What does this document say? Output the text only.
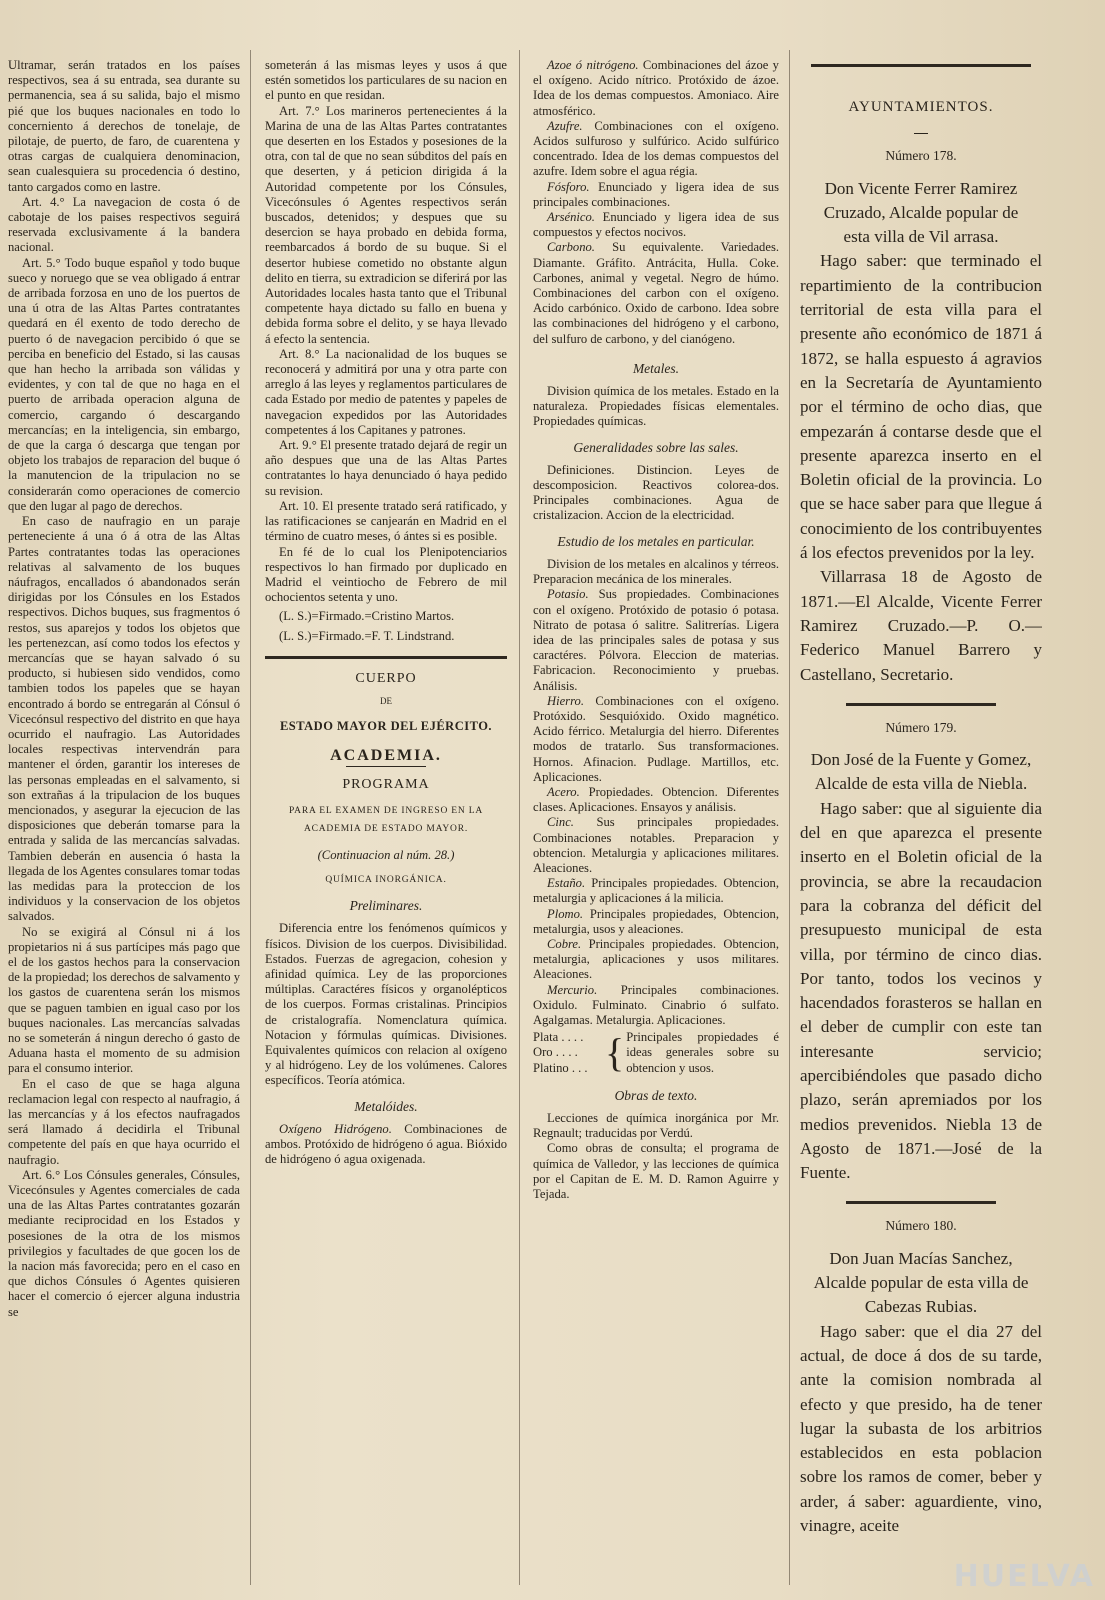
Ultramar, serán tratados en los países respectivos, sea á su entrada, sea durante su permanencia, sea á su salida, bajo el mismo pié que los buques nacionales en todo lo concerniento á derechos de tonelaje, de pilotaje, de puerto, de faro, de cuarentena y otras cargas de cualquiera denominacion, sean cualesquiera su procedencia ó destino, tanto cargados como en lastre.

Art. 4.° La navegacion de costa ó de cabotaje de los paises respectivos seguirá reservada exclusivamente á la bandera nacional.

Art. 5.° Todo buque español y todo buque sueco y noruego que se vea obligado á entrar de arribada forzosa en uno de los puertos de una ú otra de las Altas Partes contratantes quedará en él exento de todo derecho de puerto ó de navegacion percibido ó que se perciba en beneficio del Estado, si las causas que han hecho la arribada son válidas y evidentes, y con tal de que no haga en el puerto de arribada operacion alguna de comercio, cargando ó descargando mercancías; en la inteligencia, sin embargo, de que la carga ó descarga que tengan por objeto los trabajos de reparacion del buque ó la manutencion de la tripulacion no se considerarán como operaciones de comercio que den lugar al pago de derechos.

En caso de naufragio en un paraje perteneciente á una ó á otra de las Altas Partes contratantes todas las operaciones relativas al salvamento de los buques náufragos, encallados ó abandonados serán dirigidas por los Cónsules en los Estados respectivos. Dichos buques, sus fragmentos ó restos, sus aparejos y todos los objetos que les pertenezcan, así como todos los efectos y mercancías que se hayan salvado ó su producto, si hubiesen sido vendidos, como tambien todos los papeles que se hayan encontrado á bordo se entregarán al Cónsul ó Vicecónsul respectivo del distrito en que haya ocurrido el naufragio. Las Autoridades locales respectivas intervendrán para mantener el órden, garantir los intereses de las personas empleadas en el salvamento, si son extrañas á la tripulacion de los buques mencionados, y asegurar la ejecucion de las disposiciones que deberán tomarse para la entrada y salida de las mercancías salvadas. Tambien deberán en ausencia ó hasta la llegada de los Agentes consulares tomar todas las medidas para la proteccion de los individuos y la conservacion de los objetos salvados.

No se exigirá al Cónsul ni á los propietarios ni á sus partícipes más pago que el de los gastos hechos para la conservacion de la propiedad; los derechos de salvamento y los gastos de cuarentena serán los mismos que se paguen tambien en igual caso por los buques nacionales. Las mercancías salvadas no se someterán á ningun derecho ó gasto de Aduana hasta el momento de su admision para el consumo interior.

En el caso de que se haga alguna reclamacion legal con respecto al naufragio, á las mercancías y á los efectos naufragados será llamado á decidirla el Tribunal competente del país en que haya ocurrido el naufragio.

Art. 6.° Los Cónsules generales, Cónsules, Vicecónsules y Agentes comerciales de cada una de las Altas Partes contratantes gozarán mediante reciprocidad en los Estados y posesiones de la otra de los mismos privilegios y facultades de que gocen los de la nacion más favorecida; pero en el caso en que dichos Cónsules ó Agentes quisieren hacer el comercio ó ejercer alguna industria se

someterán á las mismas leyes y usos á que estén sometidos los particulares de su nacion en el punto en que residan.

Art. 7.° Los marineros pertenecientes á la Marina de una de las Altas Partes contratantes que deserten en los Estados y posesiones de la otra, con tal de que no sean súbditos del país en que deserten, y á peticion dirigida á la Autoridad competente por los Cónsules, Vicecónsules ó Agentes respectivos serán buscados, detenidos; y despues que su desercion se haya probado en debida forma, reembarcados á bordo de su buque. Si el desertor hubiese cometido no obstante algun delito en tierra, su extradicion se diferirá por las Autoridades locales hasta tanto que el Tribunal competente haya dictado su fallo en buena y debida forma sobre el delito, y se haya llevado á efecto la sentencia.

Art. 8.° La nacionalidad de los buques se reconocerá y admitirá por una y otra parte con arreglo á las leyes y reglamentos particulares de cada Estado por medio de patentes y papeles de navegacion expedidos por las Autoridades competentes á los Capitanes y patrones.

Art. 9.° El presente tratado dejará de regir un año despues que una de las Altas Partes contratantes lo haya denunciado ó haya pedido su revision.

Art. 10. El presente tratado será ratificado, y las ratificaciones se canjearán en Madrid en el término de cuatro meses, ó ántes si es posible.

En fé de lo cual los Plenipotenciarios respectivos lo han firmado por duplicado en Madrid el veintiocho de Febrero de mil ochocientos setenta y uno.

(L. S.)=Firmado.=Cristino Martos.

(L. S.)=Firmado.=F. T. Lindstrand.

CUERPO
DE
ESTADO MAYOR DEL EJÉRCITO.
ACADEMIA.
PROGRAMA
PARA EL EXAMEN DE INGRESO EN LA ACADEMIA DE ESTADO MAYOR.
(Continuacion al núm. 28.)
QUÍMICA INORGÁNICA.
Preliminares.

Diferencia entre los fenómenos químicos y físicos. Division de los cuerpos. Divisibilidad. Estados. Fuerzas de agregacion, cohesion y afinidad química. Ley de las proporciones múltiplas. Caractéres físicos y organolépticos de los cuerpos. Formas cristalinas. Principios de cristalografía. Nomenclatura química. Notacion y fórmulas químicas. Divisiones. Equivalentes químicos con relacion al oxígeno y al hidrógeno. Ley de los volúmenes. Calores específicos. Teoría atómica.

Metalóides.

Oxígeno Hidrógeno. Combinaciones de ambos. Protóxido de hidrógeno ó agua. Bióxido de hidrógeno ó agua oxigenada.

Azoe ó nitrógeno. Combinaciones del ázoe y el oxígeno. Acido nítrico. Protóxido de ázoe. Idea de los demas compuestos. Amoniaco. Aire atmosférico.

Azufre. Combinaciones con el oxígeno. Acidos sulfuroso y sulfúrico. Acido sulfúrico concentrado. Idea de los demas compuestos del azufre. Idem sobre el agua régia.

Fósforo. Enunciado y ligera idea de sus principales combinaciones.

Arsénico. Enunciado y ligera idea de sus compuestos y efectos nocivos.

Carbono. Su equivalente. Variedades. Diamante. Gráfito. Antrácita, Hulla. Coke. Carbones, animal y vegetal. Negro de húmo. Combinaciones del carbon con el oxígeno. Acido carbónico. Oxido de carbono. Idea sobre las combinaciones del hidrógeno y el carbono, del sulfuro de carbono, y del cianógeno.

Metales.

Division química de los metales. Estado en la naturaleza. Propiedades físicas elementales. Propiedades químicas.

Generalidades sobre las sales.

Definiciones. Distincion. Leyes de descomposicion. Reactivos colorea-dos. Principales combinaciones. Agua de cristalizacion. Accion de la electricidad.

Estudio de los metales en particular.

Division de los metales en alcalinos y térreos. Preparacion mecánica de los minerales.

Potasio. Sus propiedades. Combinaciones con el oxígeno. Protóxido de potasio ó potasa. Nitrato de potasa ó salitre. Salitrerías. Ligera idea de las principales sales de potasa y sus caractéres. Pólvora. Eleccion de materias. Fabricacion. Reconocimiento y pruebas. Análisis.

Hierro. Combinaciones con el oxígeno. Protóxido. Sesquióxido. Oxido magnético. Acido férrico. Metalurgia del hierro. Diferentes modos de tratarlo. Sus transformaciones. Hornos. Afinacion. Pudlage. Martillos, etc. Aplicaciones.

Acero. Propiedades. Obtencion. Diferentes clases. Aplicaciones. Ensayos y análisis.

Cinc. Sus principales propiedades. Combinaciones notables. Preparacion y obtencion. Metalurgia y aplicaciones militares. Aleaciones.

Estaño. Principales propiedades. Obtencion, metalurgia y aplicaciones á la milicia.

Plomo. Principales propiedades, Obtencion, metalurgia, usos y aleaciones.

Cobre. Principales propiedades. Obtencion, metalurgia, aplicaciones y usos militares. Aleaciones.

Mercurio. Principales combinaciones. Oxidulo. Fulminato. Cinabrio ó sulfato. Agalgamas. Metalurgia. Aplicaciones.

Plata . . . .
Oro . . . .
Platino . . . { Principales propiedades é ideas generales sobre su obtencion y usos.
Obras de texto.

Lecciones de química inorgánica por Mr. Regnault; traducidas por Verdú.

Como obras de consulta; el programa de química de Valledor, y las lecciones de química por el Capitan de E. M. D. Ramon Aguirre y Tejada.

AYUNTAMIENTOS.
Número 178.

Don Vicente Ferrer Ramirez Cruzado, Alcalde popular de esta villa de Vil arrasa.

Hago saber: que terminado el repartimiento de la contribucion territorial de esta villa para el presente año económico de 1871 á 1872, se halla espuesto á agravios en la Secretaría de Ayuntamiento por el término de ocho dias, que empezarán á contarse desde que el presente aparezca inserto en el Boletin oficial de la provincia. Lo que se hace saber para que llegue á conocimiento de los contribuyentes á los efectos prevenidos por la ley.

Villarrasa 18 de Agosto de 1871.—El Alcalde, Vicente Ferrer Ramirez Cruzado.—P. O.—Federico Manuel Barrero y Castellano, Secretario.

Número 179.

Don José de la Fuente y Gomez, Alcalde de esta villa de Niebla.

Hago saber: que al siguiente dia del en que aparezca el presente inserto en el Boletin oficial de la provincia, se abre la recaudacion para la cobranza del déficit del presupuesto municipal de esta villa, por término de cinco dias. Por tanto, todos los vecinos y hacendados forasteros se hallan en el deber de cumplir con este tan interesante servicio; apercibiéndoles que pasado dicho plazo, serán apremiados por los medios prevenidos. Niebla 13 de Agosto de 1871.—José de la Fuente.

Número 180.

Don Juan Macías Sanchez, Alcalde popular de esta villa de Cabezas Rubias.

Hago saber: que el dia 27 del actual, de doce á dos de su tarde, ante la comision nombrada al efecto y que presido, ha de tener lugar la subasta de los arbitrios establecidos en esta poblacion sobre los ramos de comer, beber y arder, á saber: aguardiente, vino, vinagre, aceite

HUELVA
